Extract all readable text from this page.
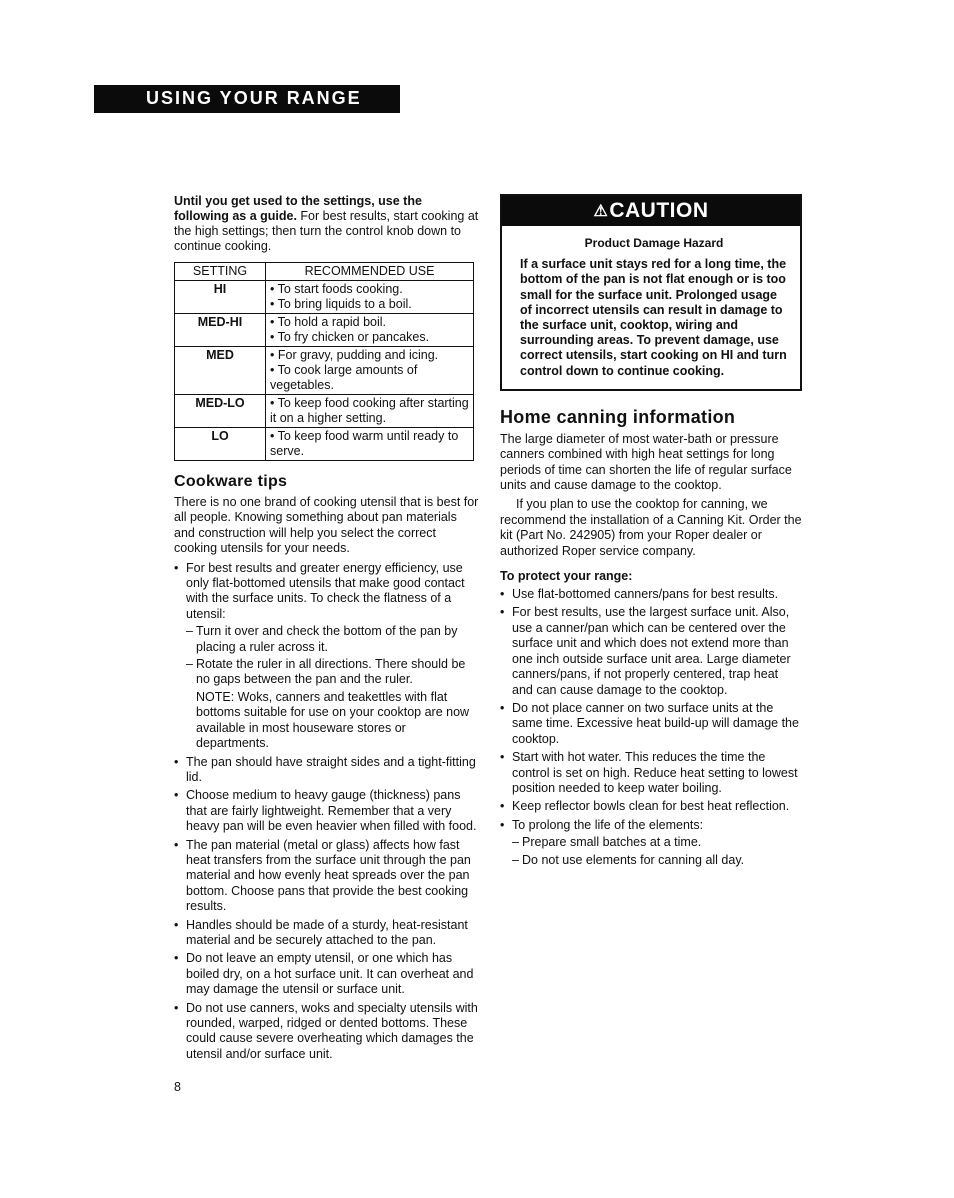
USING YOUR RANGE
Until you get used to the settings, use the following as a guide. For best results, start cooking at the high settings; then turn the control knob down to continue cooking.
SETTING	RECOMMENDED USE
HI	• To start foods cooking.
• To bring liquids to a boil.

MED-HI	• To hold a rapid boil.
• To fry chicken or pancakes.

MED	• For gravy, pudding and icing.
• To cook large amounts of vegetables.

MED-LO	• To keep food cooking after starting it on a higher setting.

LO	• To keep food warm until ready to serve.
Cookware tips

There is no one brand of cooking utensil that is best for all people. Knowing something about pan materials and construction will help you select the correct cooking utensils for your needs.

• For best results and greater energy efficiency, use only flat-bottomed utensils that make good contact with the surface units. To check the flatness of a utensil:
– Turn it over and check the bottom of the pan by placing a ruler across it.
– Rotate the ruler in all directions. There should be no gaps between the pan and the ruler.
NOTE: Woks, canners and teakettles with flat bottoms suitable for use on your cooktop are now available in most houseware stores or departments.
• The pan should have straight sides and a tight-fitting lid.
• Choose medium to heavy gauge (thickness) pans that are fairly lightweight. Remember that a very heavy pan will be even heavier when filled with food.
• The pan material (metal or glass) affects how fast heat transfers from the surface unit through the pan material and how evenly heat spreads over the pan bottom. Choose pans that provide the best cooking results.
• Handles should be made of a sturdy, heat-resistant material and be securely attached to the pan.
• Do not leave an empty utensil, or one which has boiled dry, on a hot surface unit. It can overheat and may damage the utensil or surface unit.
• Do not use canners, woks and specialty utensils with rounded, warped, ridged or dented bottoms. These could cause severe overheating which damages the utensil and/or surface unit.
8
⚠CAUTION
Product Damage Hazard
If a surface unit stays red for a long time, the bottom of the pan is not flat enough or is too small for the surface unit. Prolonged usage of incorrect utensils can result in damage to the surface unit, cooktop, wiring and surrounding areas. To prevent damage, use correct utensils, start cooking on HI and turn control down to continue cooking.
Home canning information

The large diameter of most water-bath or pressure canners combined with high heat settings for long periods of time can shorten the life of regular surface units and cause damage to the cooktop.

If you plan to use the cooktop for canning, we recommend the installation of a Canning Kit. Order the kit (Part No. 242905) from your Roper dealer or authorized Roper service company.

To protect your range:
• Use flat-bottomed canners/pans for best results.
• For best results, use the largest surface unit. Also, use a canner/pan which can be centered over the surface unit and which does not extend more than one inch outside surface unit area. Large diameter canners/pans, if not properly centered, trap heat and can cause damage to the cooktop.
• Do not place canner on two surface units at the same time. Excessive heat build-up will damage the cooktop.
• Start with hot water. This reduces the time the control is set on high. Reduce heat setting to lowest position needed to keep water boiling.
• Keep reflector bowls clean for best heat reflection.
• To prolong the life of the elements:
– Prepare small batches at a time.
– Do not use elements for canning all day.
